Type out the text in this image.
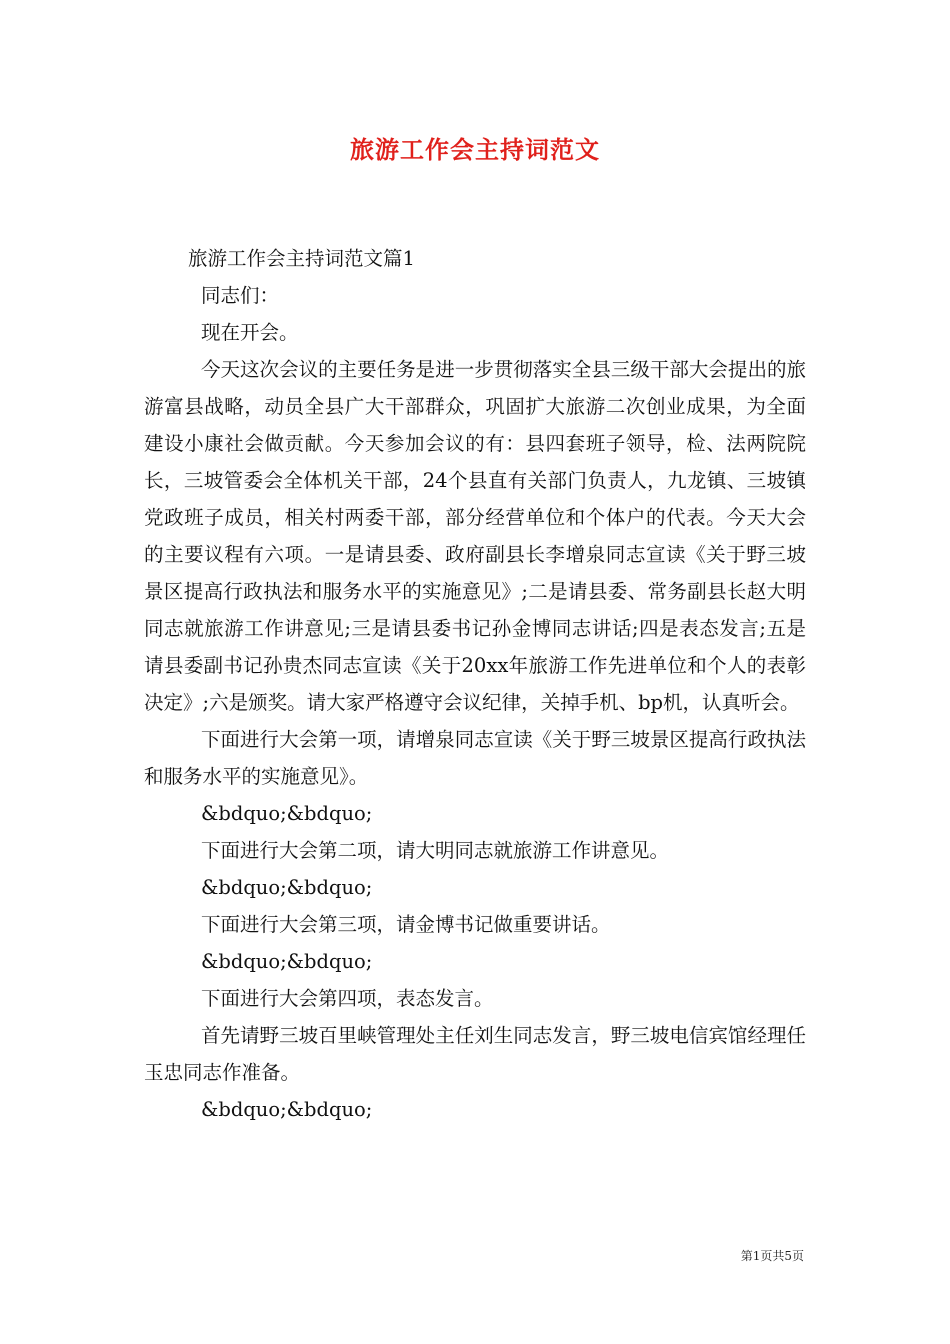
旅游工作会主持词范文

旅游工作会主持词范文篇1

同志们：

现在开会。

今天这次会议的主要任务是进一步贯彻落实全县三级干部大会提出的旅游富县战略，动员全县广大干部群众，巩固扩大旅游二次创业成果，为全面建设小康社会做贡献。今天参加会议的有：县四套班子领导，检、法两院院长，三坡管委会全体机关干部，24个县直有关部门负责人，九龙镇、三坡镇党政班子成员，相关村两委干部，部分经营单位和个体户的代表。今天大会的主要议程有六项。一是请县委、政府副县长李增泉同志宣读《关于野三坡景区提高行政执法和服务水平的实施意见》;二是请县委、常务副县长赵大明同志就旅游工作讲意见;三是请县委书记孙金博同志讲话;四是表态发言;五是请县委副书记孙贵杰同志宣读《关于20xx年旅游工作先进单位和个人的表彰决定》;六是颁奖。请大家严格遵守会议纪律，关掉手机、bp机，认真听会。

下面进行大会第一项，请增泉同志宣读《关于野三坡景区提高行政执法和服务水平的实施意见》。

&bdquo;&bdquo;

下面进行大会第二项，请大明同志就旅游工作讲意见。

&bdquo;&bdquo;

下面进行大会第三项，请金博书记做重要讲话。

&bdquo;&bdquo;

下面进行大会第四项，表态发言。

首先请野三坡百里峡管理处主任刘生同志发言，野三坡电信宾馆经理任玉忠同志作准备。

&bdquo;&bdquo;

第1页共5页
